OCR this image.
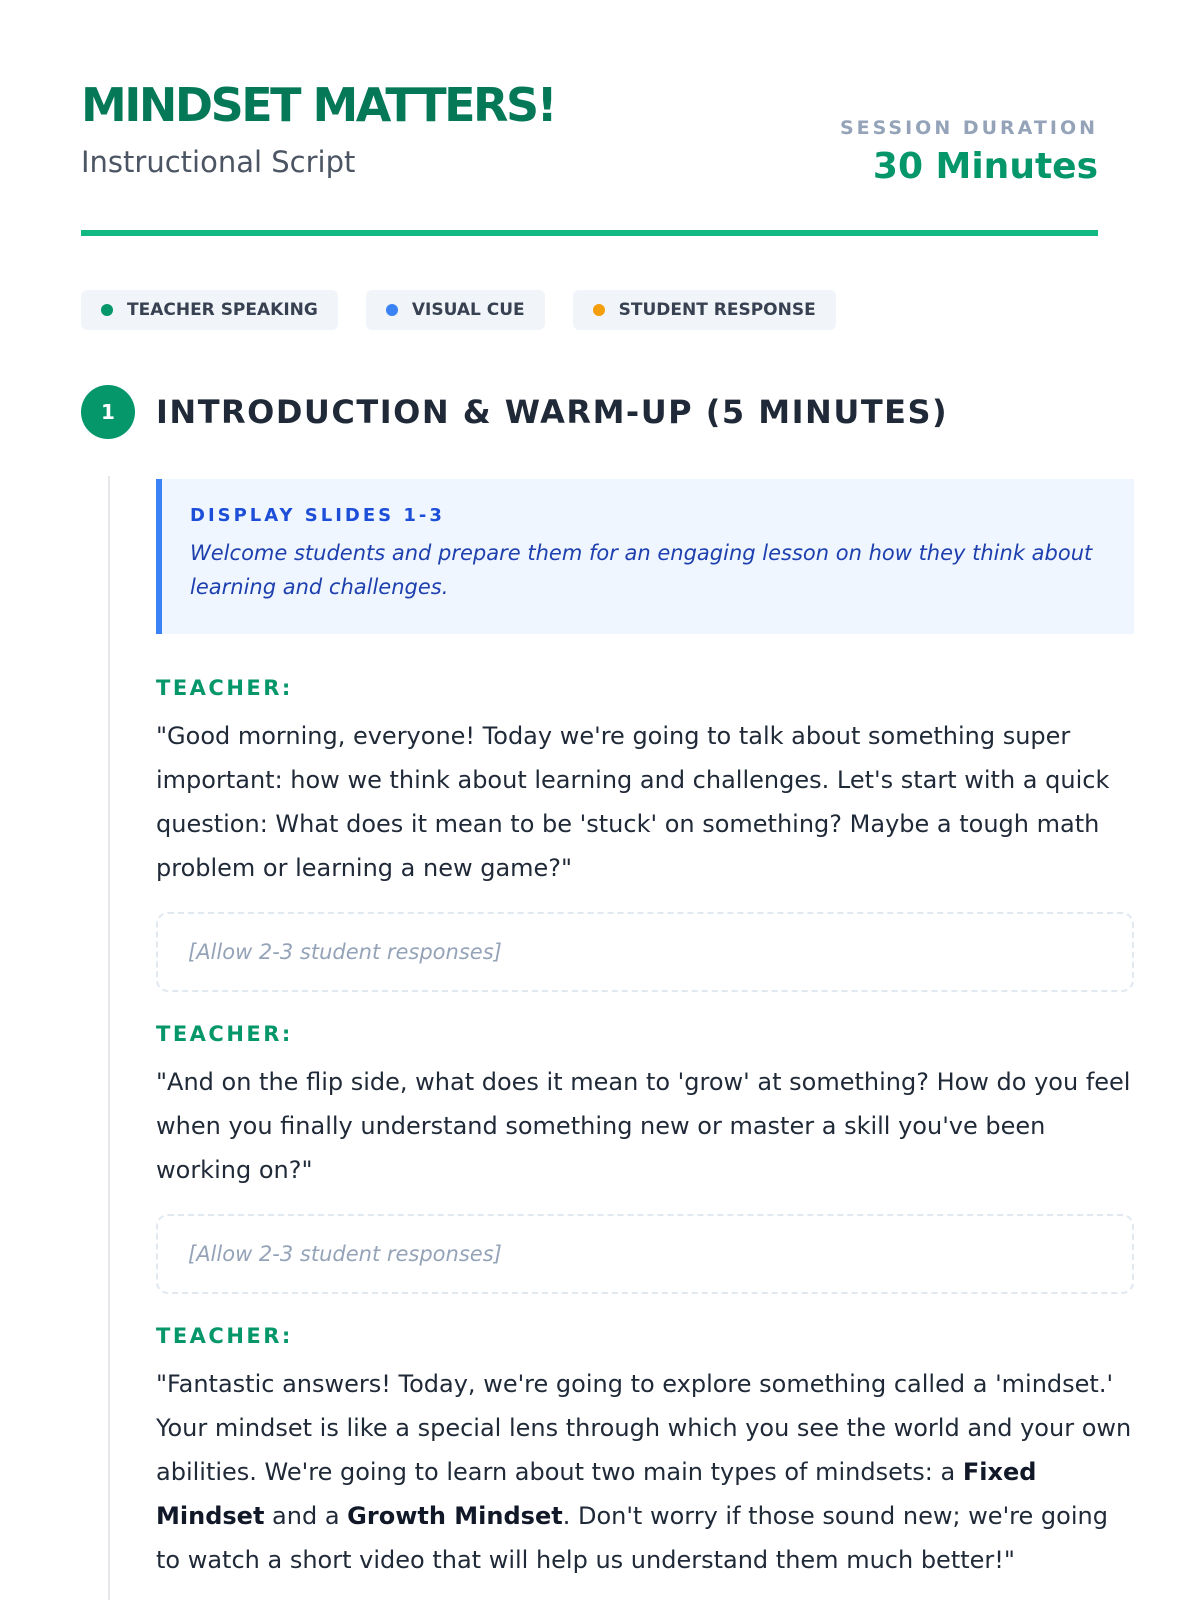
MINDSET MATTERS!
Instructional Script
SESSION DURATION
30 Minutes
TEACHER SPEAKING	VISUAL CUE	STUDENT RESPONSE
1	INTRODUCTION & WARM-UP (5 MINUTES)
DISPLAY SLIDES 1-3
Welcome students and prepare them for an engaging lesson on how they think about learning and challenges.
TEACHER:

"Good morning, everyone! Today we're going to talk about something super important: how we think about learning and challenges. Let's start with a quick question: What does it mean to be 'stuck' on something? Maybe a tough math problem or learning a new game?"

[Allow 2-3 student responses]
TEACHER:

"And on the flip side, what does it mean to 'grow' at something? How do you feel when you finally understand something new or master a skill you've been working on?"

[Allow 2-3 student responses]
TEACHER:

"Fantastic answers! Today, we're going to explore something called a 'mindset.' Your mindset is like a special lens through which you see the world and your own abilities. We're going to learn about two main types of mindsets: a Fixed Mindset and a Growth Mindset. Don't worry if those sound new; we're going to watch a short video that will help us understand them much better!"
